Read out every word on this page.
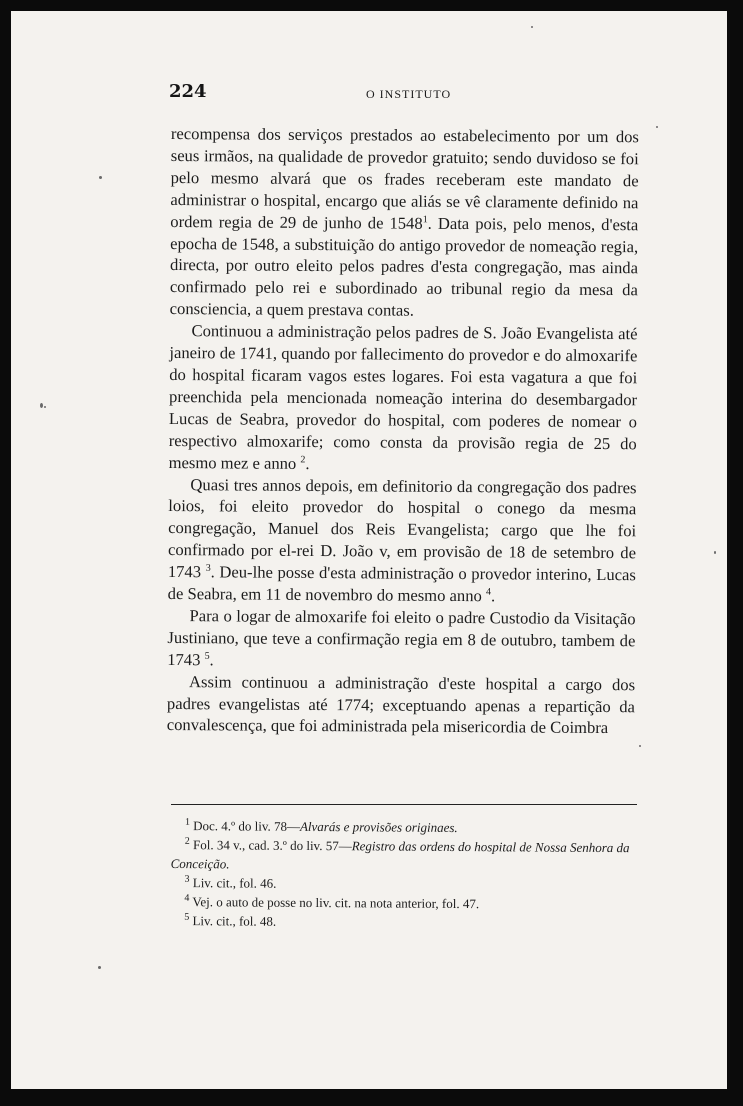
224	O INSTITUTO

recompensa dos serviços prestados ao estabelecimento por um dos seus irmãos, na qualidade de provedor gratuito; sendo duvidoso se foi pelo mesmo alvará que os frades receberam este mandato de administrar o hospital, encargo que aliás se vê claramente definido na ordem regia de 29 de junho de 1548$^1$. Data pois, pelo menos, d'esta epocha de 1548, a substituição do antigo provedor de nomeação regia, directa, por outro eleito pelos padres d'esta congregação, mas ainda confirmado pelo rei e subordinado ao tribunal regio da mesa da consciencia, a quem prestava contas.

Continuou a administração pelos padres de S. João Evangelista até janeiro de 1741, quando por fallecimento do provedor e do almoxarife do hospital ficaram vagos estes logares. Foi esta vagatura a que foi preenchida pela mencionada nomeação interina do desembargador Lucas de Seabra, provedor do hospital, com poderes de nomear o respectivo almoxarife; como consta da provisão regia de 25 do mesmo mez e anno $^2$.

Quasi tres annos depois, em definitorio da congregação dos padres loios, foi eleito provedor do hospital o conego da mesma congregação, Manuel dos Reis Evangelista; cargo que lhe foi confirmado por el-rei D. João v, em provisão de 18 de setembro de 1743 $^3$. Deu-lhe posse d'esta administração o provedor interino, Lucas de Seabra, em 11 de novembro do mesmo anno $^4$.

Para o logar de almoxarife foi eleito o padre Custodio da Visitação Justiniano, que teve a confirmação regia em 8 de outubro, tambem de 1743 $^5$.

Assim continuou a administração d'este hospital a cargo dos padres evangelistas até 1774; exceptuando apenas a repartição da convalescença, que foi administrada pela misericordia de Coimbra

$^1$ Doc. 4.º do liv. 78—Alvarás e provisões originaes.

$^2$ Fol. 34 v., cad. 3.º do liv. 57—Registro das ordens do hospital de Nossa Senhora da Conceição.

$^3$ Liv. cit., fol. 46.

$^4$ Vej. o auto de posse no liv. cit. na nota anterior, fol. 47.

$^5$ Liv. cit., fol. 48.
